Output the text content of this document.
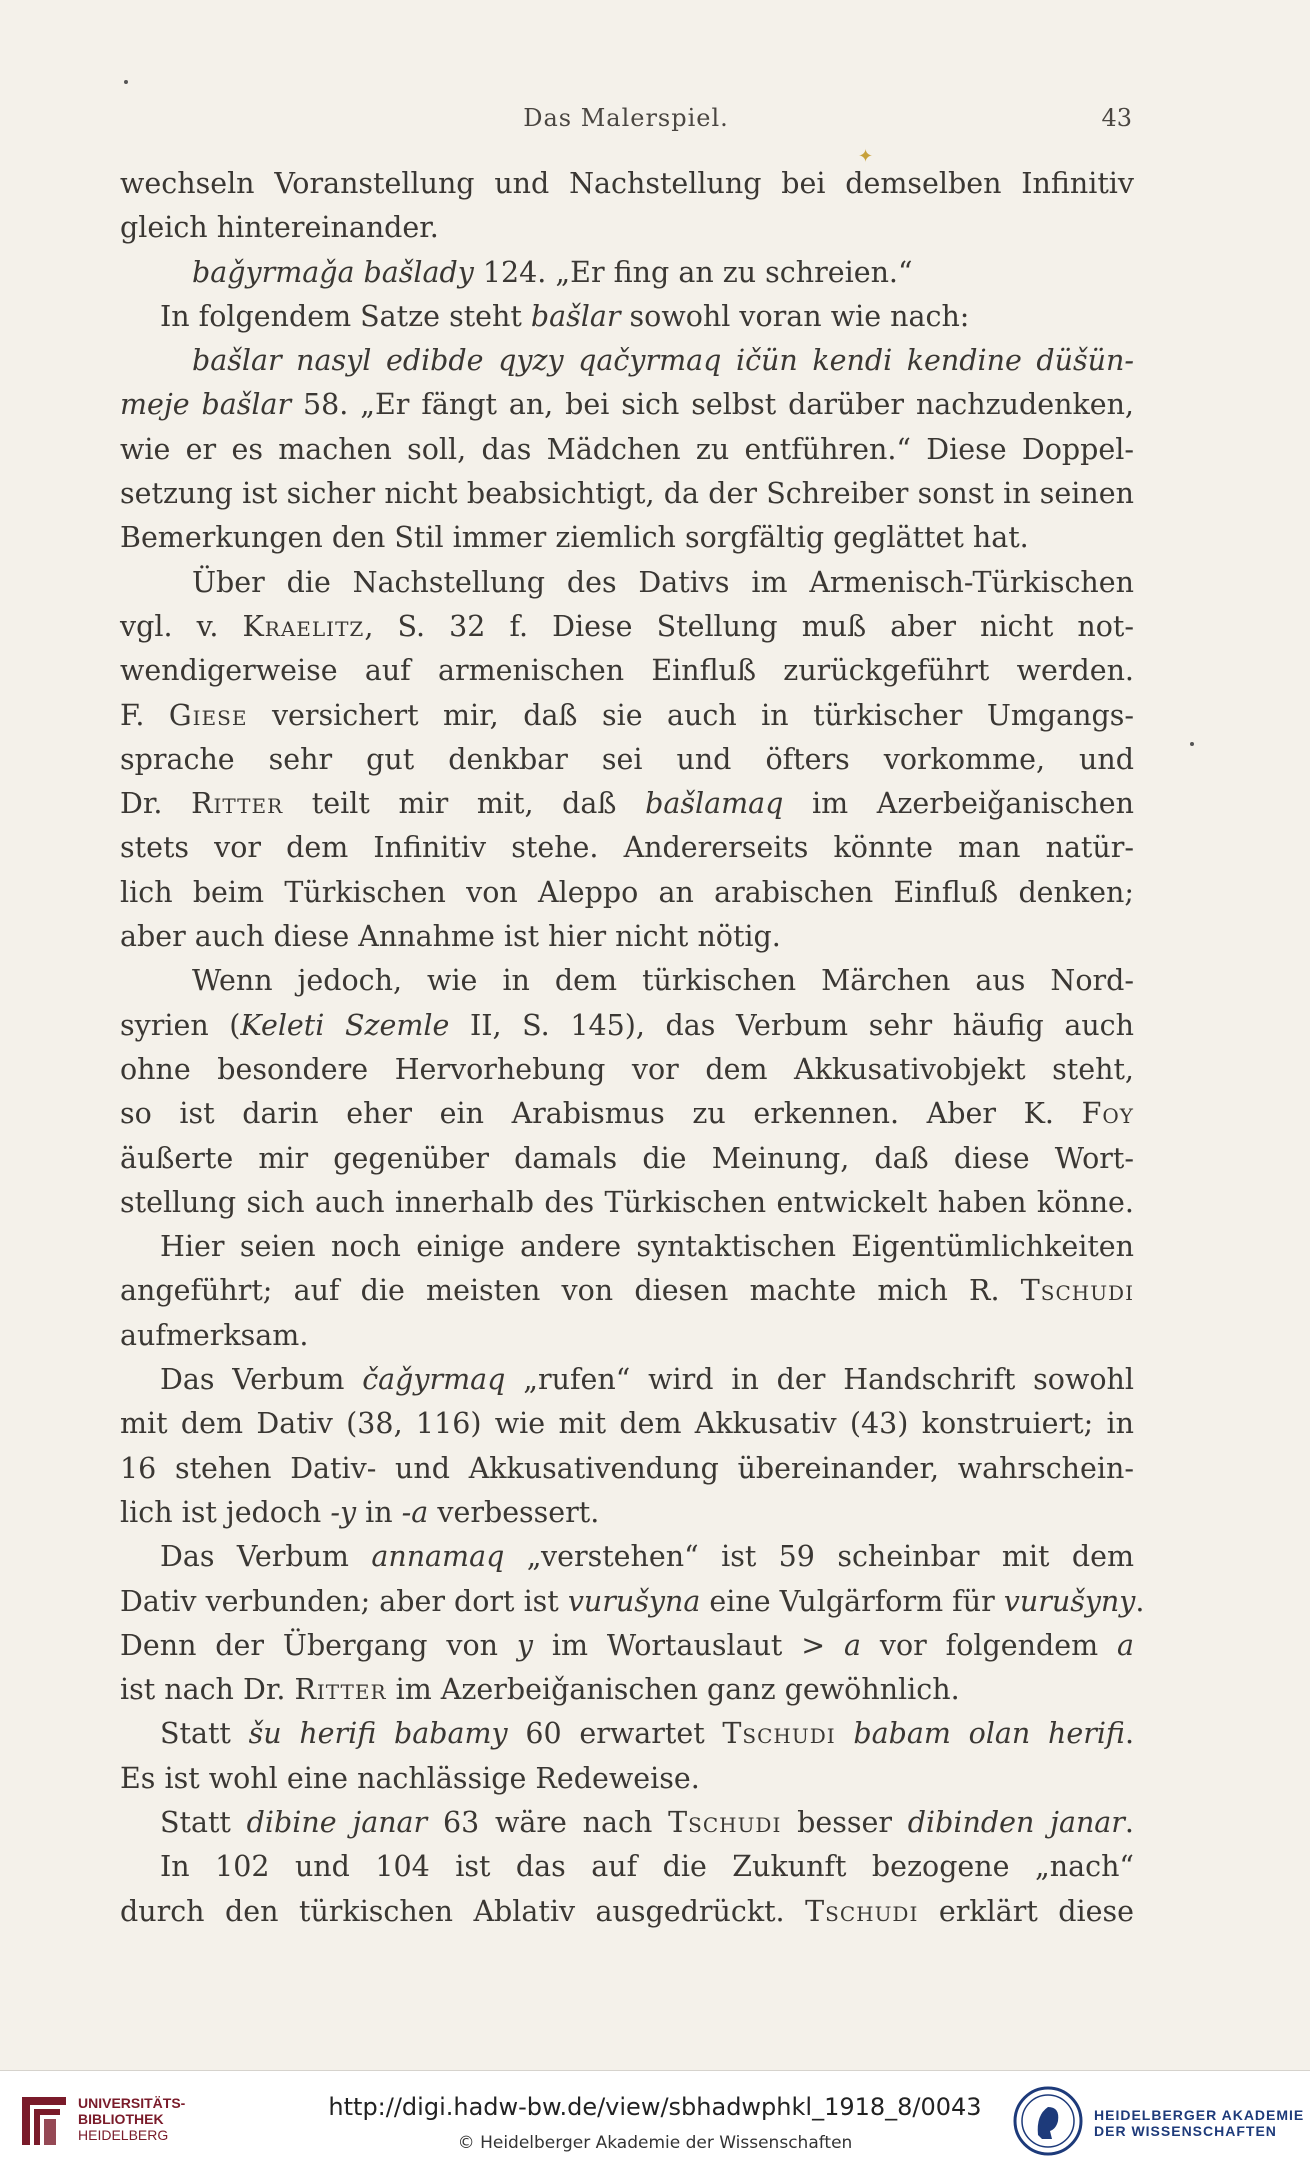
✦
Das Malerspiel.	43
wechseln Voranstellung und Nachstellung bei demselben Infinitiv
gleich hintereinander.
baǧyrmaǧa bašlady 124. „Er fing an zu schreien.“
In folgendem Satze steht bašlar sowohl voran wie nach:
bašlar nasyl edibde qyzy qačyrmaq ičün kendi kendine düšün-
meje bašlar 58. „Er fängt an, bei sich selbst darüber nachzudenken,
wie er es machen soll, das Mädchen zu entführen.“ Diese Doppel-
setzung ist sicher nicht beabsichtigt, da der Schreiber sonst in seinen
Bemerkungen den Stil immer ziemlich sorgfältig geglättet hat.
Über die Nachstellung des Dativs im Armenisch-Türkischen
vgl. v. Kraelitz, S. 32 f. Diese Stellung muß aber nicht not-
wendigerweise auf armenischen Einfluß zurückgeführt werden.
F. Giese versichert mir, daß sie auch in türkischer Umgangs-
sprache sehr gut denkbar sei und öfters vorkomme, und
Dr. Ritter teilt mir mit, daß bašlamaq im Azerbeiǧanischen
stets vor dem Infinitiv stehe. Andererseits könnte man natür-
lich beim Türkischen von Aleppo an arabischen Einfluß denken;
aber auch diese Annahme ist hier nicht nötig.
Wenn jedoch, wie in dem türkischen Märchen aus Nord-
syrien (Keleti Szemle II, S. 145), das Verbum sehr häufig auch
ohne besondere Hervorhebung vor dem Akkusativobjekt steht,
so ist darin eher ein Arabismus zu erkennen. Aber K. Foy
äußerte mir gegenüber damals die Meinung, daß diese Wort-
stellung sich auch innerhalb des Türkischen entwickelt haben könne.
Hier seien noch einige andere syntaktischen Eigentümlichkeiten
angeführt; auf die meisten von diesen machte mich R. Tschudi
aufmerksam.
Das Verbum čaǧyrmaq „rufen“ wird in der Handschrift sowohl
mit dem Dativ (38, 116) wie mit dem Akkusativ (43) konstruiert; in
16 stehen Dativ- und Akkusativendung übereinander, wahrschein-
lich ist jedoch -y in -a verbessert.
Das Verbum annamaq „verstehen“ ist 59 scheinbar mit dem
Dativ verbunden; aber dort ist vurušyna eine Vulgärform für vurušyny.
Denn der Übergang von y im Wortauslaut > a vor folgendem a
ist nach Dr. Ritter im Azerbeiǧanischen ganz gewöhnlich.
Statt šu herifi babamy 60 erwartet Tschudi babam olan herifi.
Es ist wohl eine nachlässige Redeweise.
Statt dibine janar 63 wäre nach Tschudi besser dibinden janar.
In 102 und 104 ist das auf die Zukunft bezogene „nach“
durch den türkischen Ablativ ausgedrückt. Tschudi erklärt diese
UNIVERSITÄTS-
BIBLIOTHEK
HEIDELBERG
http://digi.hadw-bw.de/view/sbhadwphkl_1918_8/0043
© Heidelberger Akademie der Wissenschaften
HEIDELBERGER AKADEMIE
DER WISSENSCHAFTEN
